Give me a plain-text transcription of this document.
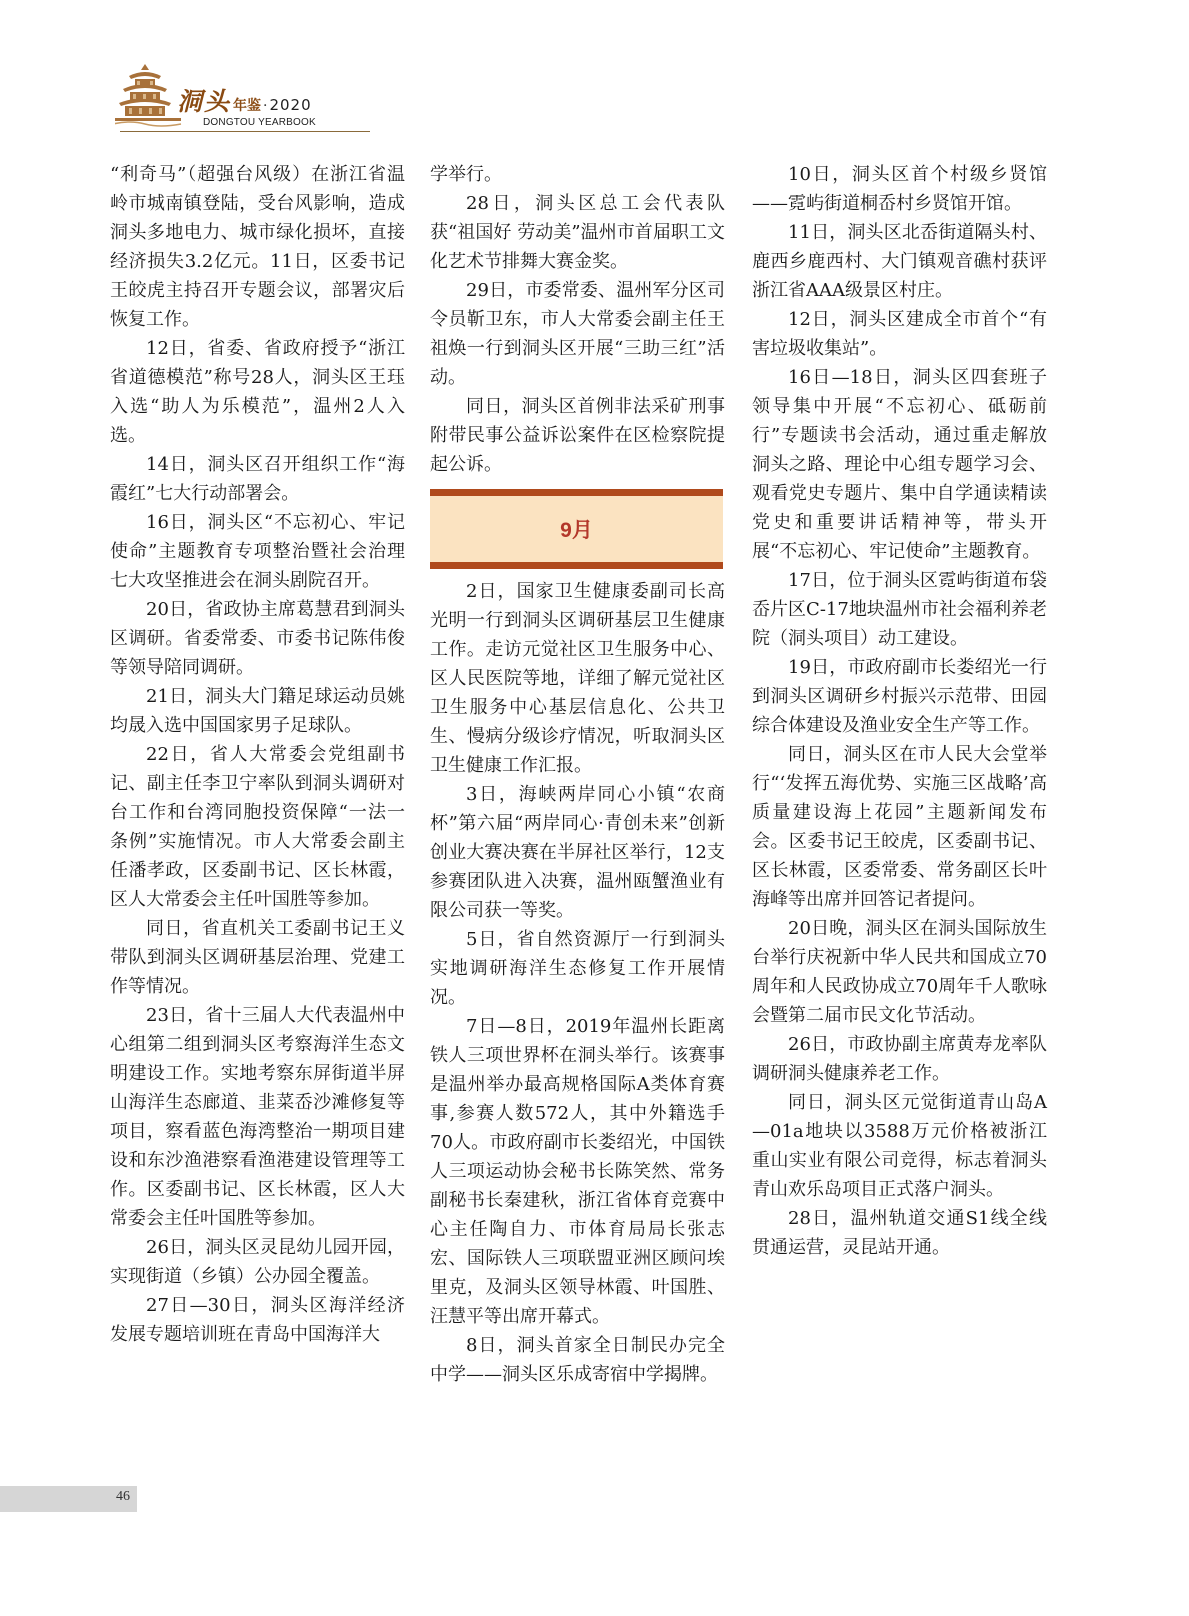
洞头 年鉴 · 2020
DONGTOU YEARBOOK

“利奇马”（超强台风级）在浙江省温岭市城南镇登陆，受台风影响，造成洞头多地电力、城市绿化损坏，直接经济损失3.2亿元。11日，区委书记王皎虎主持召开专题会议，部署灾后恢复工作。

12日，省委、省政府授予“浙江省道德模范”称号28人，洞头区王珏入选“助人为乐模范”，温州2人入选。

14日，洞头区召开组织工作“海霞红”七大行动部署会。

16日，洞头区“不忘初心、牢记使命”主题教育专项整治暨社会治理七大攻坚推进会在洞头剧院召开。

20日，省政协主席葛慧君到洞头区调研。省委常委、市委书记陈伟俊等领导陪同调研。

21日，洞头大门籍足球运动员姚均晟入选中国国家男子足球队。

22日，省人大常委会党组副书记、副主任李卫宁率队到洞头调研对台工作和台湾同胞投资保障“一法一条例”实施情况。市人大常委会副主任潘孝政，区委副书记、区长林霞，区人大常委会主任叶国胜等参加。

同日，省直机关工委副书记王义带队到洞头区调研基层治理、党建工作等情况。

23日，省十三届人大代表温州中心组第二组到洞头区考察海洋生态文明建设工作。实地考察东屏街道半屏山海洋生态廊道、韭菜岙沙滩修复等项目，察看蓝色海湾整治一期项目建设和东沙渔港察看渔港建设管理等工作。区委副书记、区长林霞，区人大常委会主任叶国胜等参加。

26日，洞头区灵昆幼儿园开园，实现街道（乡镇）公办园全覆盖。

27日—30日，洞头区海洋经济发展专题培训班在青岛中国海洋大

学举行。

28日，洞头区总工会代表队获“祖国好 劳动美”温州市首届职工文化艺术节排舞大赛金奖。

29日，市委常委、温州军分区司令员靳卫东，市人大常委会副主任王祖焕一行到洞头区开展“三助三红”活动。

同日，洞头区首例非法采矿刑事附带民事公益诉讼案件在区检察院提起公诉。

9月

2日，国家卫生健康委副司长高光明一行到洞头区调研基层卫生健康工作。走访元觉社区卫生服务中心、区人民医院等地，详细了解元觉社区卫生服务中心基层信息化、公共卫生、慢病分级诊疗情况，听取洞头区卫生健康工作汇报。

3日，海峡两岸同心小镇“农商杯”第六届“两岸同心·青创未来”创新创业大赛决赛在半屏社区举行，12支参赛团队进入决赛，温州瓯蟹渔业有限公司获一等奖。

5日，省自然资源厅一行到洞头实地调研海洋生态修复工作开展情况。

7日—8日，2019年温州长距离铁人三项世界杯在洞头举行。该赛事是温州举办最高规格国际A类体育赛事,参赛人数572人，其中外籍选手70人。市政府副市长娄绍光，中国铁人三项运动协会秘书长陈笑然、常务副秘书长秦建秋，浙江省体育竞赛中心主任陶自力、市体育局局长张志宏、国际铁人三项联盟亚洲区顾问埃里克，及洞头区领导林霞、叶国胜、汪慧平等出席开幕式。

8日，洞头首家全日制民办完全中学——洞头区乐成寄宿中学揭牌。

10日，洞头区首个村级乡贤馆——霓屿街道桐岙村乡贤馆开馆。

11日，洞头区北岙街道隔头村、鹿西乡鹿西村、大门镇观音礁村获评浙江省AAA级景区村庄。

12日，洞头区建成全市首个“有害垃圾收集站”。

16日—18日，洞头区四套班子领导集中开展“不忘初心、砥砺前行”专题读书会活动，通过重走解放洞头之路、理论中心组专题学习会、观看党史专题片、集中自学通读精读党史和重要讲话精神等，带头开展“不忘初心、牢记使命”主题教育。

17日，位于洞头区霓屿街道布袋岙片区C-17地块温州市社会福利养老院（洞头项目）动工建设。

19日，市政府副市长娄绍光一行到洞头区调研乡村振兴示范带、田园综合体建设及渔业安全生产等工作。

同日，洞头区在市人民大会堂举行“‘发挥五海优势、实施三区战略’高质量建设海上花园”主题新闻发布会。区委书记王皎虎，区委副书记、区长林霞，区委常委、常务副区长叶海峰等出席并回答记者提问。

20日晚，洞头区在洞头国际放生台举行庆祝新中华人民共和国成立70周年和人民政协成立70周年千人歌咏会暨第二届市民文化节活动。

26日，市政协副主席黄寿龙率队调研洞头健康养老工作。

同日，洞头区元觉街道青山岛A—01a地块以3588万元价格被浙江重山实业有限公司竞得，标志着洞头青山欢乐岛项目正式落户洞头。

28日，温州轨道交通S1线全线贯通运营，灵昆站开通。

46
